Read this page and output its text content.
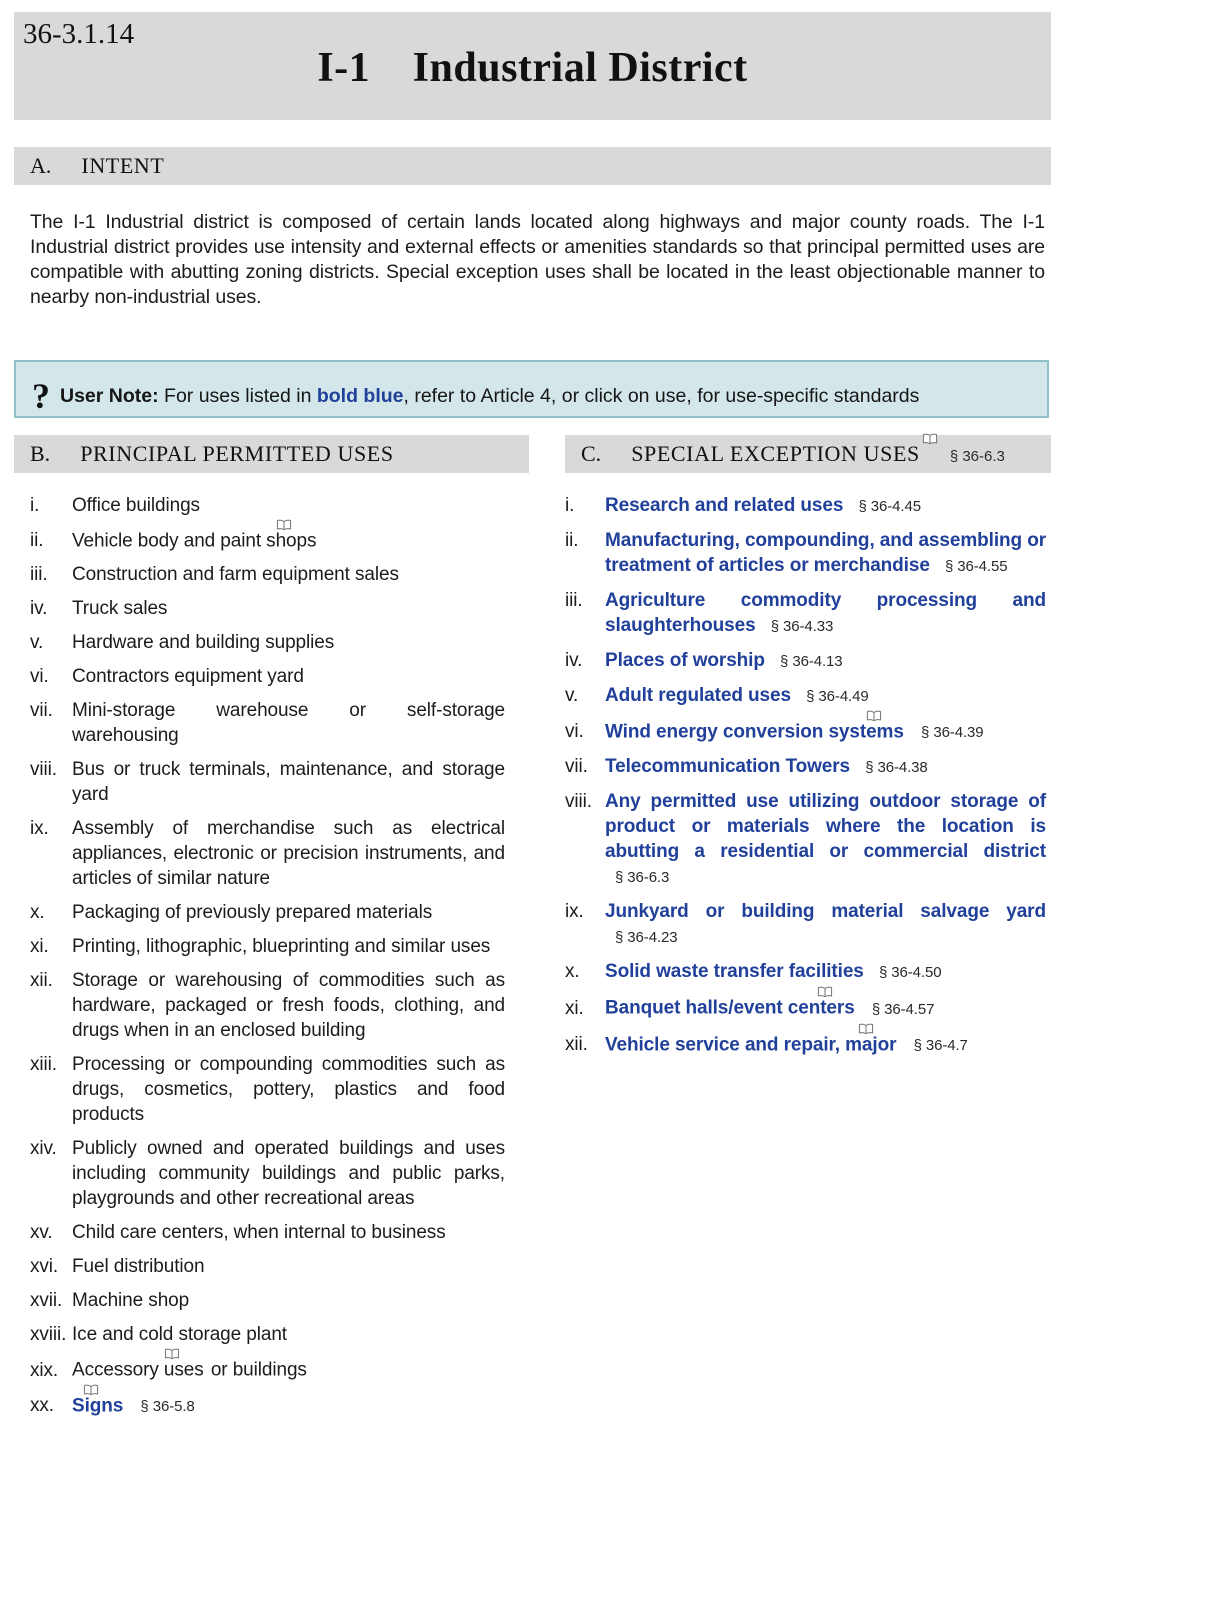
36-3.1.14
I-1 Industrial District
A. INTENT

The I-1 Industrial district is composed of certain lands located along highways and major county roads. The I-1 Industrial district provides use intensity and external effects or amenities standards so that principal permitted uses are compatible with abutting zoning districts. Special exception uses shall be located in the least objectionable manner to nearby non-industrial uses.

? User Note: For uses listed in bold blue, refer to Article 4, or click on use, for use-specific standards
B. PRINCIPAL PERMITTED USES
i. Office buildings
ii. Vehicle body and paint shops
iii. Construction and farm equipment sales
iv. Truck sales
v. Hardware and building supplies
vi. Contractors equipment yard
vii. Mini-storage warehouse or self-storage warehousing
viii. Bus or truck terminals, maintenance, and storage yard
ix. Assembly of merchandise such as electrical appliances, electronic or precision instruments, and articles of similar nature
x. Packaging of previously prepared materials
xi. Printing, lithographic, blueprinting and similar uses
xii. Storage or warehousing of commodities such as hardware, packaged or fresh foods, clothing, and drugs when in an enclosed building
xiii. Processing or compounding commodities such as drugs, cosmetics, pottery, plastics and food products
xiv. Publicly owned and operated buildings and uses including community buildings and public parks, playgrounds and other recreational areas
xv. Child care centers, when internal to business
xvi. Fuel distribution
xvii. Machine shop
xviii. Ice and cold storage plant
xix. Accessory uses or buildings
xx. Signs § 36-5.8
C. SPECIAL EXCEPTION USES § 36-6.3
i. Research and related uses § 36-4.45
ii. Manufacturing, compounding, and assembling or treatment of articles or merchandise § 36-4.55
iii. Agriculture commodity processing and slaughterhouses § 36-4.33
iv. Places of worship § 36-4.13
v. Adult regulated uses § 36-4.49
vi. Wind energy conversion systems § 36-4.39
vii. Telecommunication Towers § 36-4.38
viii. Any permitted use utilizing outdoor storage of product or materials where the location is abutting a residential or commercial district § 36-6.3
ix. Junkyard or building material salvage yard § 36-4.23
x. Solid waste transfer facilities § 36-4.50
xi. Banquet halls/event centers § 36-4.57
xii. Vehicle service and repair, major § 36-4.7
